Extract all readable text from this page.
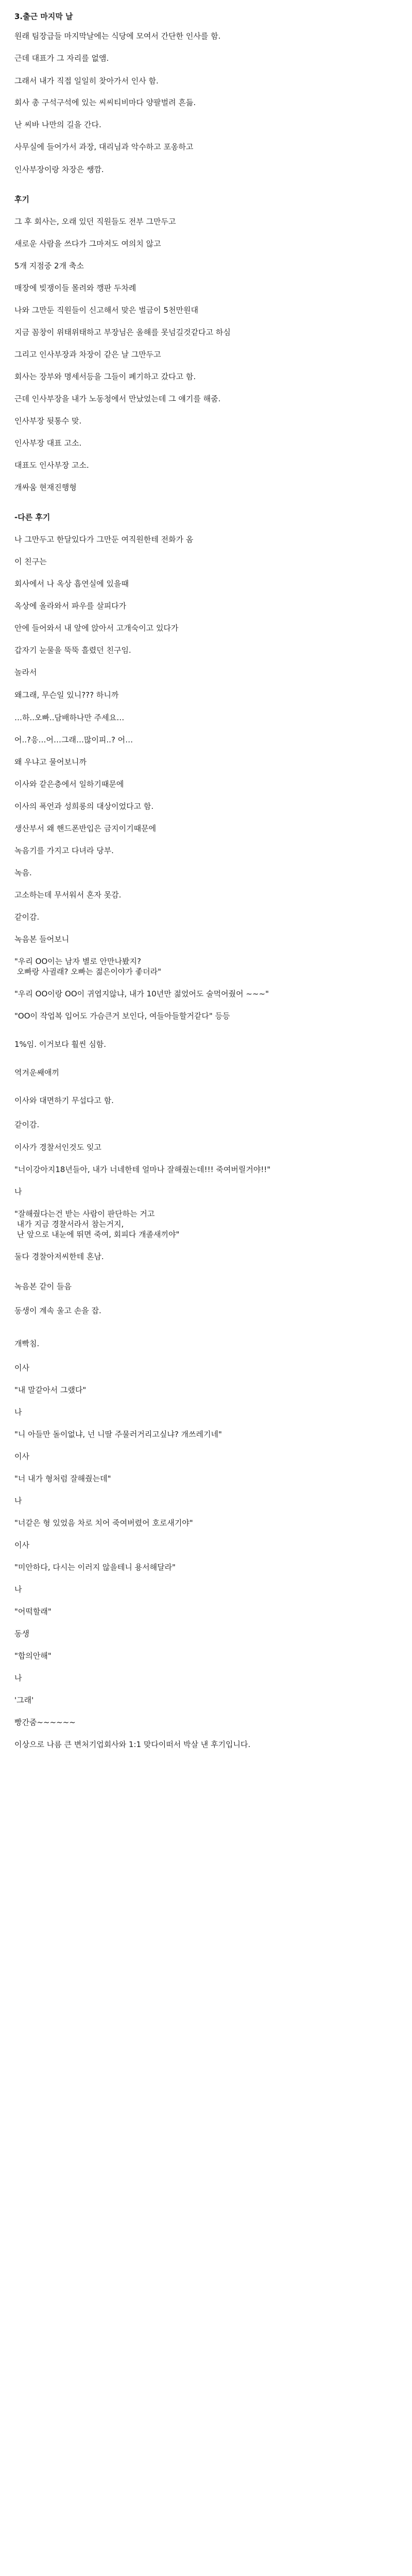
3.출근 마지막 날

원래 팀장급들 마지막날에는 식당에 모여서 간단한 인사를 함.

근데 대표가 그 자리를 없앰.

그래서 내가 직접 일일히 찾아가서 인사 함.

회사 총 구석구석에 있는 씨씨티비마다 양팔벌려 흔듦.

난 씨바 나만의 길을 간다.

사무실에 들어가서 과장, 대리님과 악수하고 포옹하고

인사부장이랑 차장은 쌩깜.

후기

그 후 회사는, 오래 있던 직원들도 전부 그만두고

새로운 사람을 쓰다가 그마저도 여의치 않고

5개 지점중 2개 축소

매장에 빚쟁이들 몰려와 깽판 두차례

나와 그만둔 직원들이 신고해서 맞은 벌금이 5천만원대

지금 꼼창이 위태위태하고 부장님은 올해를 못넘길것같다고 하심

그리고 인사부장과 차장이 같은 날 그만두고

회사는 장부와 명세서등을 그들이 폐기하고 갔다고 함.

근데 인사부장을 내가 노동청에서 만났었는데 그 얘기를 해줌.

인사부장 뒷통수 맞.

인사부장 대표 고소.

대표도 인사부장 고소.

개싸움 현재진행형

-다른 후기

나 그만두고 한달있다가 그만둔 여직원한테 전화가 옴

이 친구는

회사에서 나 옥상 흡연실에 있을때

옥상에 올라와서 파우를 살피다가

안에 들어와서 내 앞에 앉아서 고개숙이고 있다가

갑자기 눈물을 뚝뚝 흘렸던 친구임.

놀라서

왜그래, 무슨일 있니??? 하니까

…하..오빠..담배하나만 주세요…

어..?응…어…그래…많이피..? 어…

왜 우냐고 물어보니까

이사와 같은층에서 일하기때문에

이사의 폭언과 성희롱의 대상이었다고 함.

생산부서 왜 핸드폰반입은 금지이기때문에

녹음기를 가지고 다녀라 당부.

녹음.

고소하는데 무서워서 혼자 못감.

같이감.

녹음본 들어보니

"우리 OO이는 남자 별로 안만나봤지?
오빠랑 사귈래? 오빠는 젊은이야가 좋더라"

"우리 OO이랑 OO이 귀엽지않냐, 내가 10년만 젊었어도 술먹어줬어 ~~~"

"OO이 작업복 입어도 가슴큰거 보인다, 여들아들할거같다" 등등

1%임. 이거보다 훨씬 심함.

역겨운쌔애끼

이사와 대면하기 무섭다고 함.

같이감.

이사가 경찰서인것도 잊고

"너이강아지18년들아, 내가 너네한테 얼마나 잘해줬는데!!! 죽여버릴거야!!"

나

"잘해줬다는건 받는 사람이 판단하는 거고
내가 지금 경찰서라서 참는거지,
난 앞으로 내눈에 뛰면 죽여, 회피다 개졸새끼야"

둘다 경찰아저씨한테 혼남.

녹음본 같이 들음

동생이 계속 울고 손을 잡.

개빡침.

이사

"내 말같아서 그랬다"

나

"니 아들만 돌이없냐, 넌 니딸 주물러거리고싶냐? 개쓰레기네"

이사

"너 내가 형처럼 잘해줬는데"

나

"너같은 형 있었음 차로 치어 죽여버렸어 호로새기야"

이사

"미안하다, 다시는 이러지 않을테니 용서해달라"

나

"어떡할래"

동생

"합의안해"

나

'그래'

빵간줌~~~~~~

이상으로 나름 큰 변처기업회사와 1:1 맞다이떠서 박살 낸 후기입니다.
